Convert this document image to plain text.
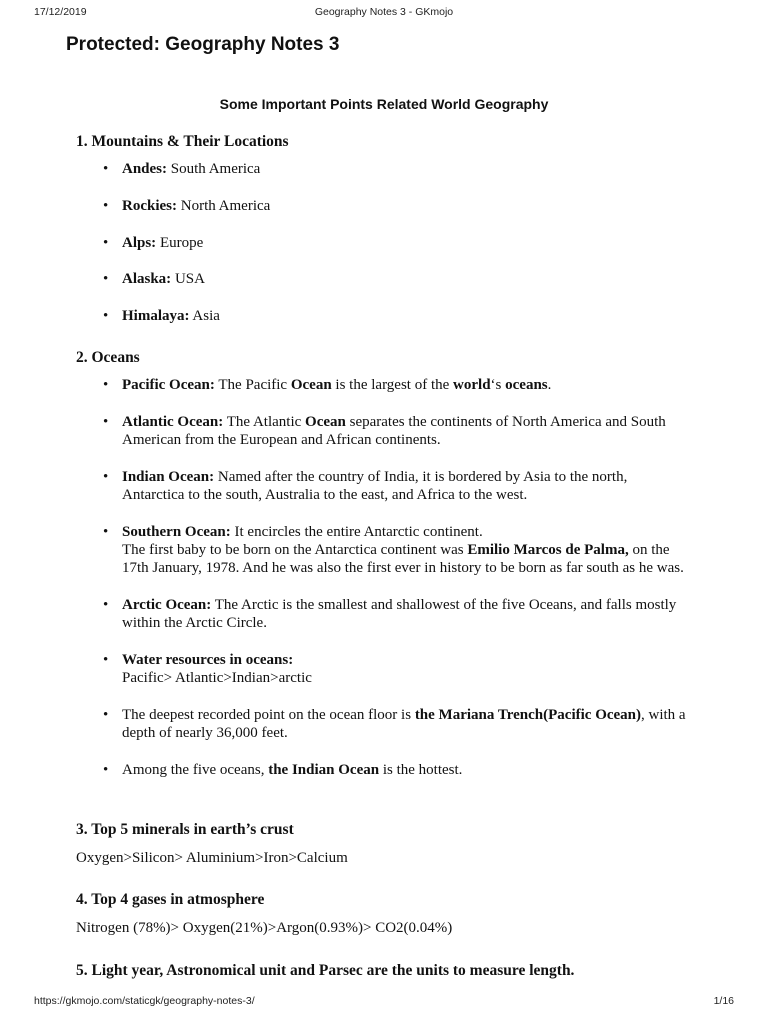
17/12/2019	Geography Notes 3 - GKmojo
Protected: Geography Notes 3
Some Important Points Related World Geography
1. Mountains & Their Locations
• Andes: South America
• Rockies: North America
• Alps: Europe
• Alaska: USA
• Himalaya: Asia
2. Oceans
• Pacific Ocean: The Pacific Ocean is the largest of the world‘s oceans.
• Atlantic Ocean: The Atlantic Ocean separates the continents of North America and South American from the European and African continents.
• Indian Ocean: Named after the country of India, it is bordered by Asia to the north, Antarctica to the south, Australia to the east, and Africa to the west.
• Southern Ocean: It encircles the entire Antarctic continent.
The first baby to be born on the Antarctica continent was Emilio Marcos de Palma, on the 17th January, 1978. And he was also the first ever in history to be born as far south as he was.
• Arctic Ocean: The Arctic is the smallest and shallowest of the five Oceans, and falls mostly within the Arctic Circle.
• Water resources in oceans:
Pacific> Atlantic>Indian>arctic
• The deepest recorded point on the ocean floor is the Mariana Trench(Pacific Ocean), with a depth of nearly 36,000 feet.
• Among the five oceans, the Indian Ocean is the hottest.
3. Top 5 minerals in earth’s crust

Oxygen>Silicon> Aluminium>Iron>Calcium

4. Top 4 gases in atmosphere

Nitrogen (78%)> Oxygen(21%)>Argon(0.93%)> CO2(0.04%)

5. Light year, Astronomical unit and Parsec are the units to measure length.
https://gkmojo.com/staticgk/geography-notes-3/	1/16
